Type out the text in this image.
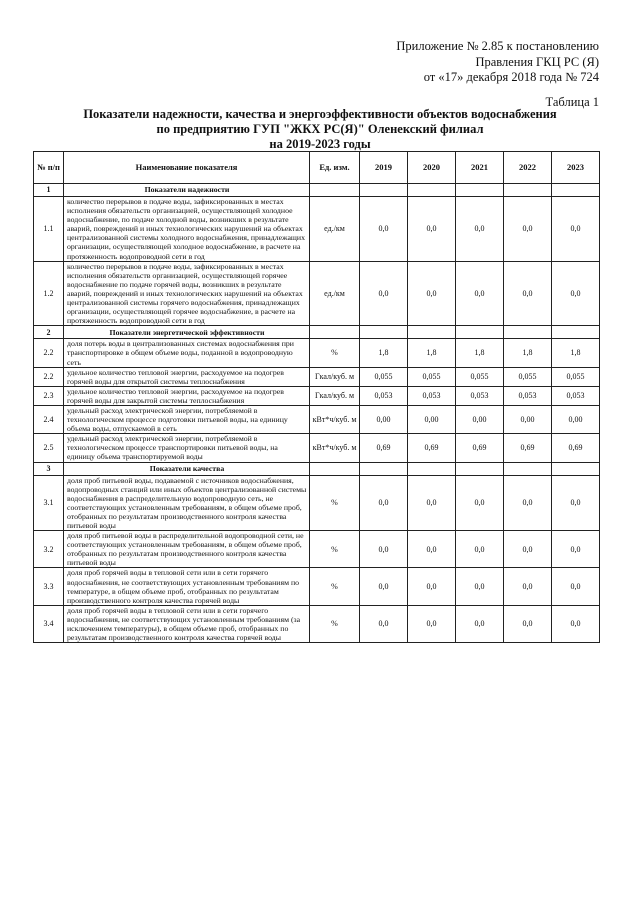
Приложение № 2.85 к постановлению
Правления ГКЦ РС (Я)
от «17» декабря 2018 года № 724
Таблица 1
Показатели надежности, качества и энергоэффективности объектов водоснабжения
по предприятию ГУП "ЖКХ РС(Я)" Оленекский филиал
на 2019-2023 годы
№ п/п	Наименование показателя	Ед. изм.	2019	2020	2021	2022	2023
1	Показатели надежности						
1.1	количество перерывов в подаче воды, зафиксированных в местах исполнения обязательств организацией, осуществляющей холодное водоснабжение, по подаче холодной воды, возникших в результате аварий, повреждений и иных технологических нарушений на объектах централизованной системы холодного водоснабжения, принадлежащих организации, осуществляющей холодное водоснабжение, в расчете на протяженность водопроводной сети в год	ед./км	0,0	0,0	0,0	0,0	0,0
1.2	количество перерывов в подаче воды, зафиксированных в местах исполнения обязательств организацией, осуществляющей горячее водоснабжение по подаче горячей воды, возникших в результате аварий, повреждений и иных технологических нарушений на объектах централизованной системы горячего водоснабжения, принадлежащих организации, осуществляющей горячее водоснабжение, в расчете на протяженность водопроводной сети в год	ед./км	0,0	0,0	0,0	0,0	0,0
2	Показатели энергетической эффективности						
2.2	доля потерь воды в централизованных системах водоснабжения при транспортировке в общем объеме воды, поданной в водопроводную сеть	%	1,8	1,8	1,8	1,8	1,8
2.2	удельное количество тепловой энергии, расходуемое на подогрев горячей воды для открытой системы теплоснабжения	Гкал/куб. м	0,055	0,055	0,055	0,055	0,055
2.3	удельное количество тепловой энергии, расходуемое на подогрев горячей воды для закрытой системы теплоснабжения	Гкал/куб. м	0,053	0,053	0,053	0,053	0,053
2.4	удельный расход электрической энергии, потребляемой в технологическом процессе подготовки питьевой воды, на единицу объема воды, отпускаемой в сеть	кВт*ч/куб. м	0,00	0,00	0,00	0,00	0,00
2.5	удельный расход электрической энергии, потребляемой в технологическом процессе транспортировки питьевой воды, на единицу объема транспортируемой воды	кВт*ч/куб. м	0,69	0,69	0,69	0,69	0,69
3	Показатели качества						
3.1	доля проб питьевой воды, подаваемой с источников водоснабжения, водопроводных станций или иных объектов централизованной системы водоснабжения в распределительную водопроводную сеть, не соответствующих установленным требованиям, в общем объеме проб, отобранных по результатам производственного контроля качества питьевой воды	%	0,0	0,0	0,0	0,0	0,0
3.2	доля проб питьевой воды в распределительной водопроводной сети, не соответствующих установленным требованиям, в общем объеме проб, отобранных по результатам производственного контроля качества питьевой воды	%	0,0	0,0	0,0	0,0	0,0
3.3	доля проб горячей воды в тепловой сети или в сети горячего водоснабжения, не соответствующих установленным требованиям по температуре, в общем объеме проб, отобранных по результатам производственного контроля качества горячей воды	%	0,0	0,0	0,0	0,0	0,0
3.4	доля проб горячей воды в тепловой сети или в сети горячего водоснабжения, не соответствующих установленным требованиям (за исключением температуры), в общем объеме проб, отобранных по результатам производственного контроля качества горячей воды	%	0,0	0,0	0,0	0,0	0,0
